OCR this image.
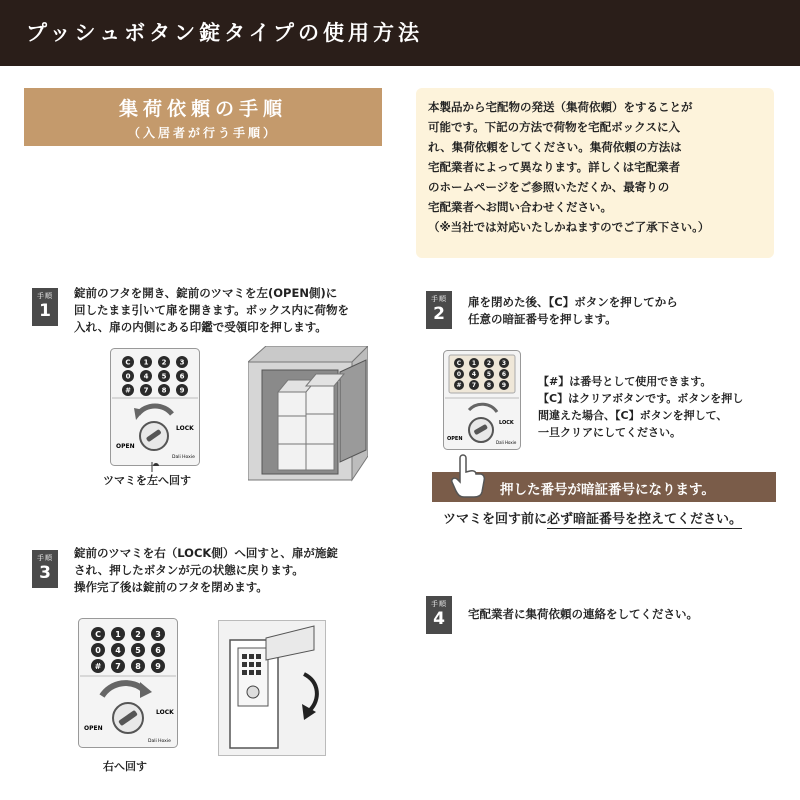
プッシュボタン錠タイプの使用方法
集荷依頼の手順
（入居者が行う手順）
本製品から宅配物の発送（集荷依頼）をすることが
可能です。下記の方法で荷物を宅配ボックスに入
れ、集荷依頼をしてください。集荷依頼の方法は
宅配業者によって異なります。詳しくは宅配業者
のホームページをご参照いただくか、最寄りの
宅配業者へお問い合わせください。
（※当社では対応いたしかねますのでご了承下さい。）
手順
1
錠前のフタを開き、錠前のツマミを左(OPEN側)に
回したまま引いて扉を開きます。ボックス内に荷物を
入れ、扉の内側にある印鑑で受領印を押します。
C 1 2 3
0 4 5 6
# 7 8 9
OPEN
LOCK
Dali Hoxie
ツマミを左へ回す
手順
2
扉を閉めた後、【C】ボタンを押してから
任意の暗証番号を押します。
C 1 2 3
0 4 5 6
# 7 8 9
OPEN
LOCK
Dali Hoxie
【#】は番号として使用できます。
【C】はクリアボタンです。ボタンを押し
間違えた場合、【C】ボタンを押して、
一旦クリアにしてください。
押した番号が暗証番号になります。
ツマミを回す前に必ず暗証番号を控えてください。
手順
3
錠前のツマミを右（LOCK側）へ回すと、扉が施錠
され、押したボタンが元の状態に戻ります。
操作完了後は錠前のフタを閉めます。
C 1 2 3
0 4 5 6
# 7 8 9
OPEN
LOCK
Dali Hoxie
右へ回す
手順
4	宅配業者に集荷依頼の連絡をしてください。
